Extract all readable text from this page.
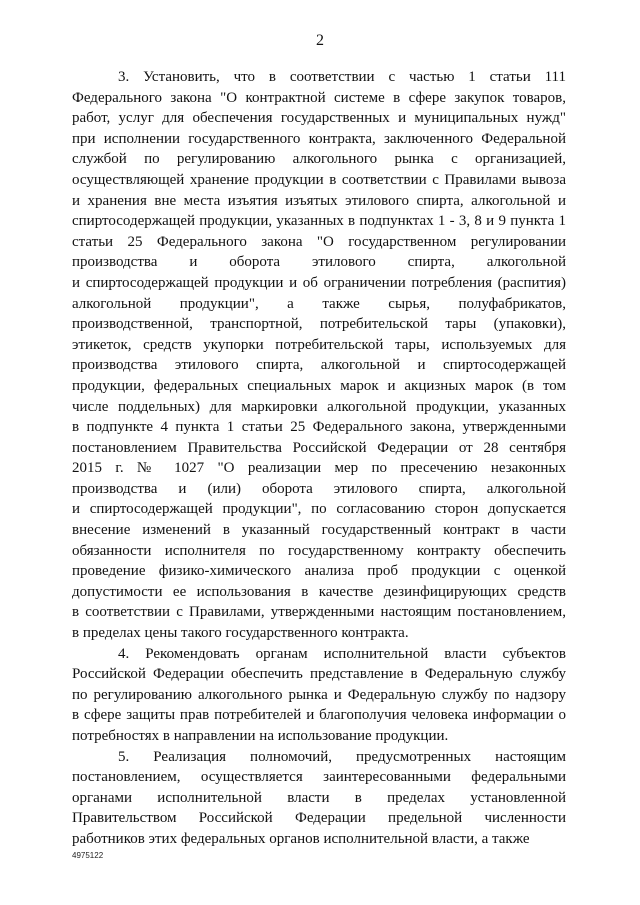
2
3. Установить, что в соответствии с частью 1 статьи 111
Федерального закона "О контрактной системе в сфере закупок товаров,
работ, услуг для обеспечения государственных и муниципальных нужд"
при исполнении государственного контракта, заключенного Федеральной
службой по регулированию алкогольного рынка с организацией,
осуществляющей хранение продукции в соответствии с Правилами вывоза
и хранения вне места изъятия изъятых этилового спирта, алкогольной и
спиртосодержащей продукции, указанных в подпунктах 1 - 3, 8 и 9 пункта 1
статьи 25 Федерального закона "О государственном регулировании
производства и оборота этилового спирта, алкогольной
и спиртосодержащей продукции и об ограничении потребления (распития)
алкогольной продукции", а также сырья, полуфабрикатов,
производственной, транспортной, потребительской тары (упаковки),
этикеток, средств укупорки потребительской тары, используемых для
производства этилового спирта, алкогольной и спиртосодержащей
продукции, федеральных специальных марок и акцизных марок (в том
числе поддельных) для маркировки алкогольной продукции, указанных
в подпункте 4 пункта 1 статьи 25 Федерального закона, утвержденными
постановлением Правительства Российской Федерации от 28 сентября
2015 г. № 1027 "О реализации мер по пресечению незаконных
производства и (или) оборота этилового спирта, алкогольной
и спиртосодержащей продукции", по согласованию сторон допускается
внесение изменений в указанный государственный контракт в части
обязанности исполнителя по государственному контракту обеспечить
проведение физико-химического анализа проб продукции с оценкой
допустимости ее использования в качестве дезинфицирующих средств
в соответствии с Правилами, утвержденными настоящим постановлением,
в пределах цены такого государственного контракта.
4. Рекомендовать органам исполнительной власти субъектов
Российской Федерации обеспечить представление в Федеральную службу
по регулированию алкогольного рынка и Федеральную службу по надзору
в сфере защиты прав потребителей и благополучия человека информации о
потребностях в направлении на использование продукции.
5. Реализация полномочий, предусмотренных настоящим
постановлением, осуществляется заинтересованными федеральными
органами исполнительной власти в пределах установленной
Правительством Российской Федерации предельной численности
работников этих федеральных органов исполнительной власти, а также
4975122
